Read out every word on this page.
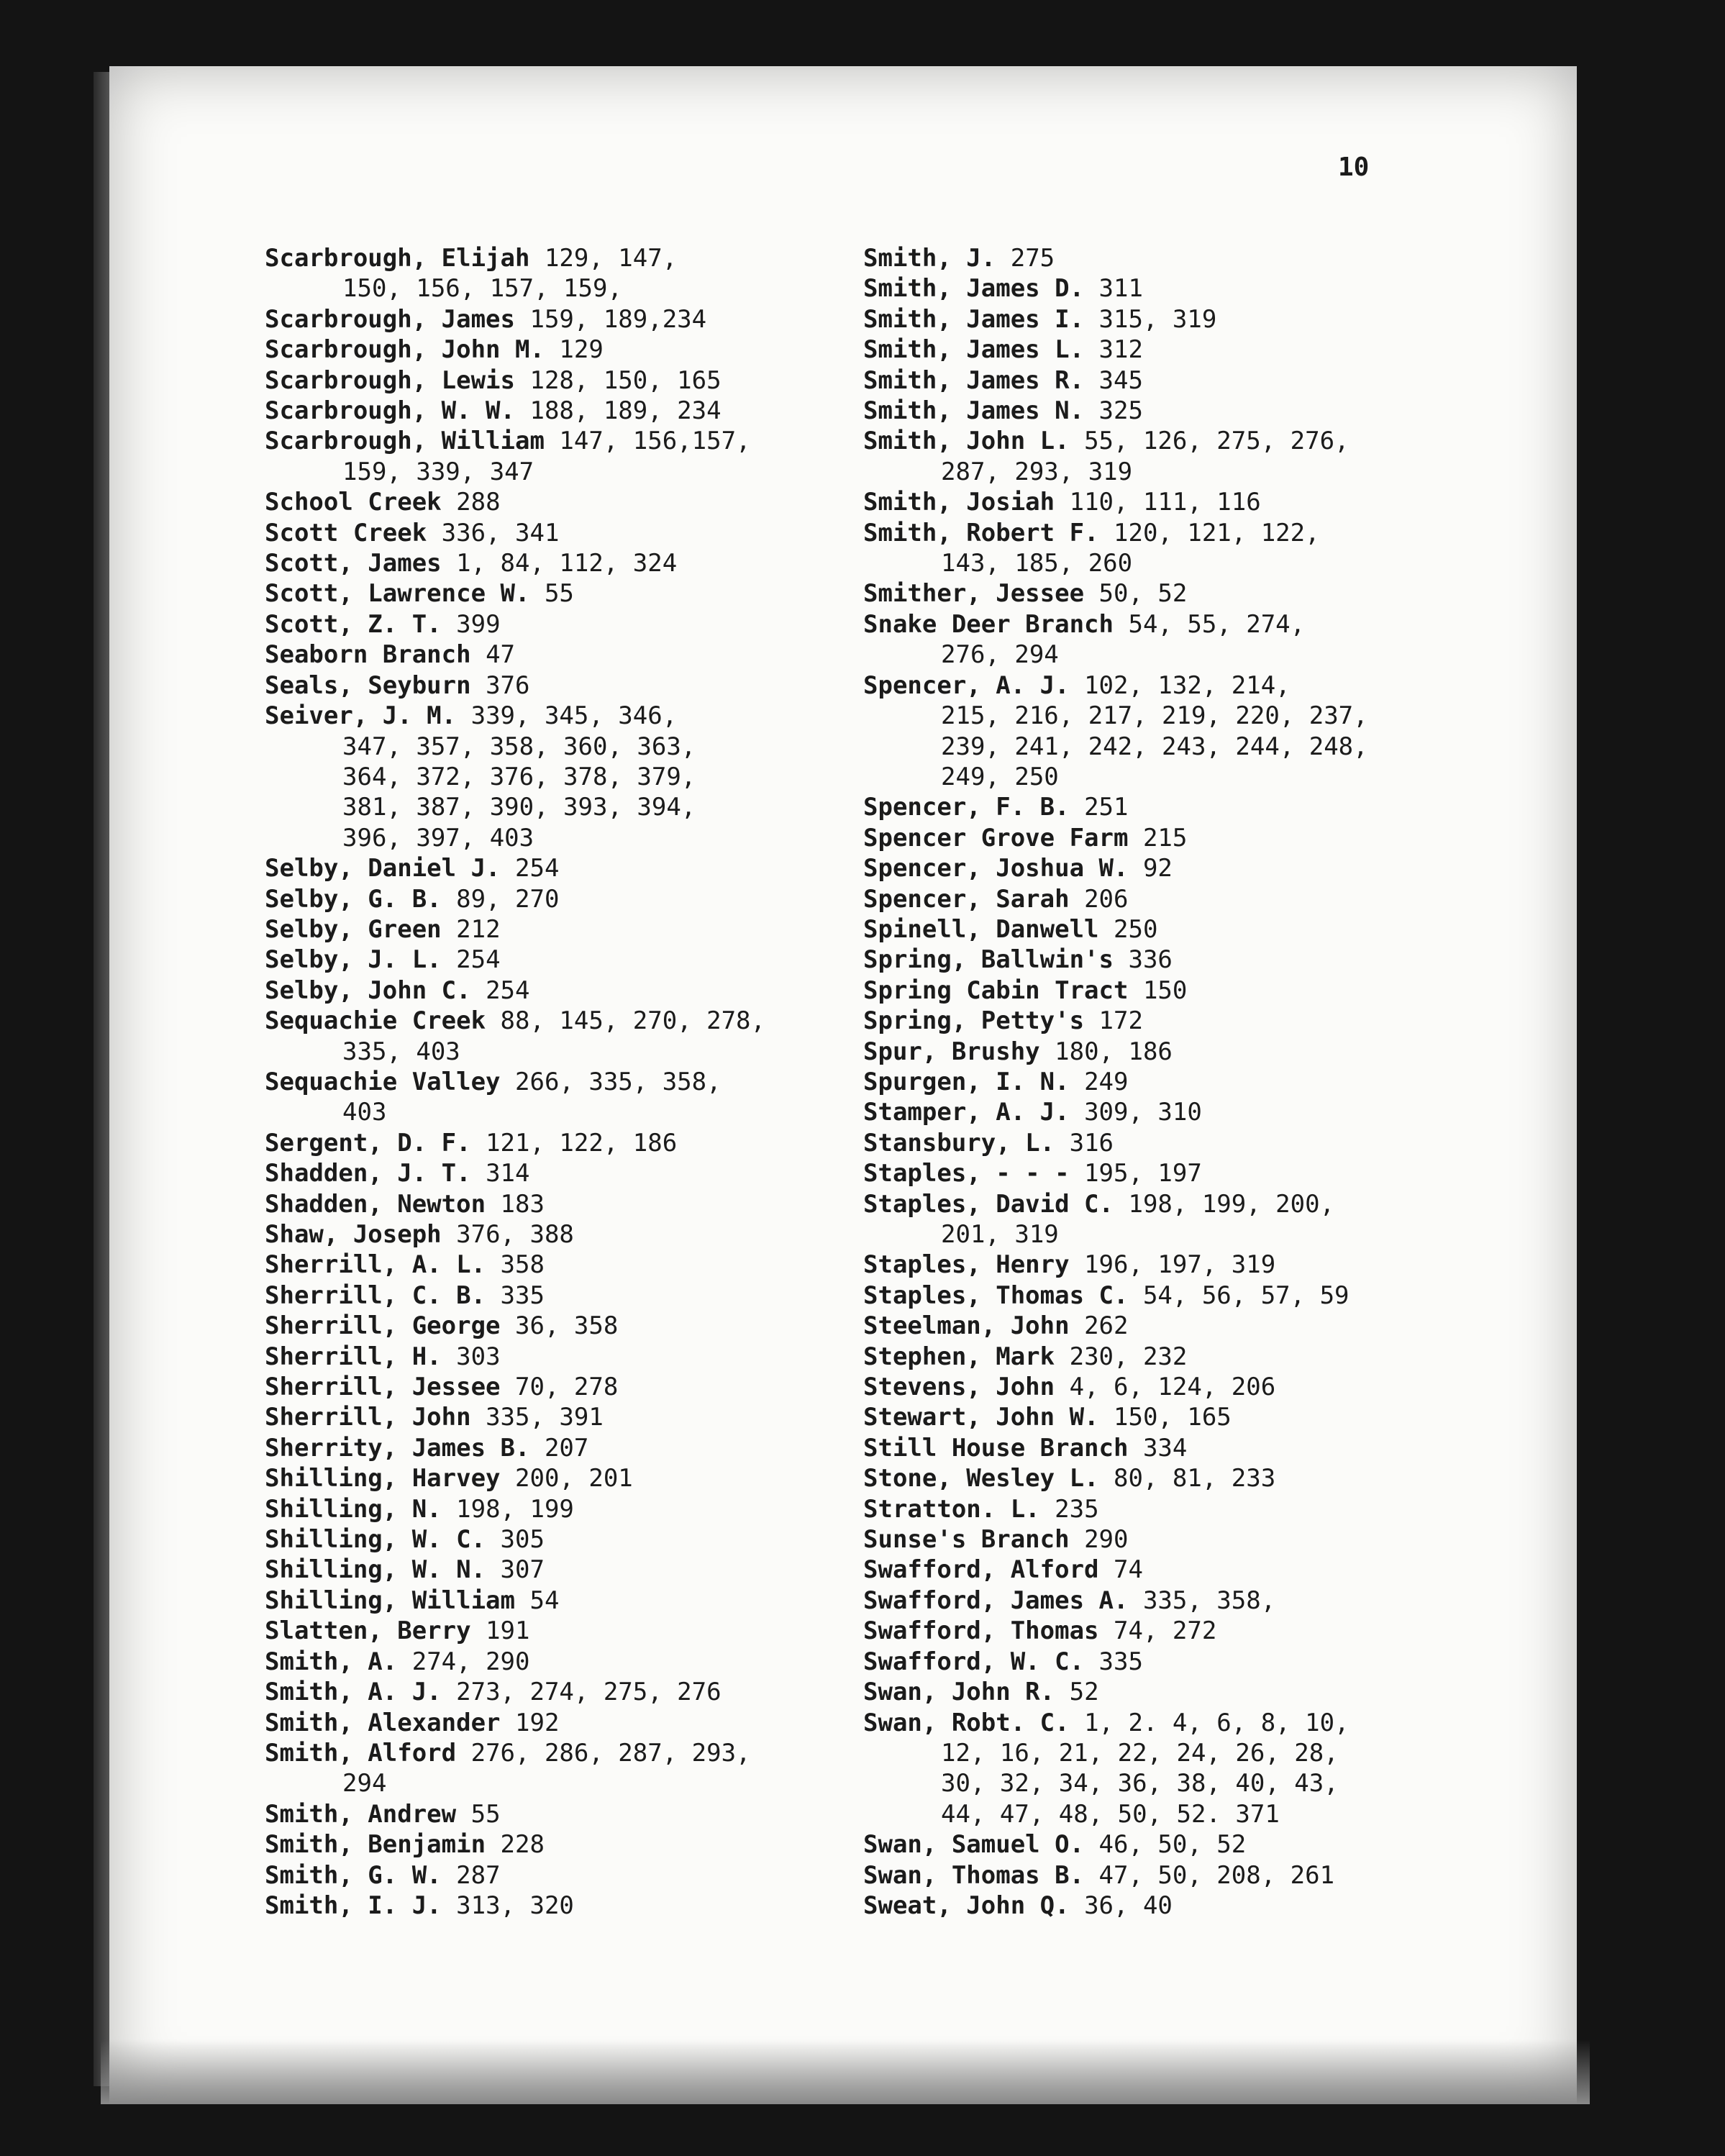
10
Scarbrough, Elijah 129, 147,
150, 156, 157, 159,
Scarbrough, James 159, 189,234
Scarbrough, John M. 129
Scarbrough, Lewis 128, 150, 165
Scarbrough, W. W. 188, 189, 234
Scarbrough, William 147, 156,157,
159, 339, 347
School Creek 288
Scott Creek 336, 341
Scott, James 1, 84, 112, 324
Scott, Lawrence W. 55
Scott, Z. T. 399
Seaborn Branch 47
Seals, Seyburn 376
Seiver, J. M. 339, 345, 346,
347, 357, 358, 360, 363,
364, 372, 376, 378, 379,
381, 387, 390, 393, 394,
396, 397, 403
Selby, Daniel J. 254
Selby, G. B. 89, 270
Selby, Green 212
Selby, J. L. 254
Selby, John C. 254
Sequachie Creek 88, 145, 270, 278,
335, 403
Sequachie Valley 266, 335, 358,
403
Sergent, D. F. 121, 122, 186
Shadden, J. T. 314
Shadden, Newton 183
Shaw, Joseph 376, 388
Sherrill, A. L. 358
Sherrill, C. B. 335
Sherrill, George 36, 358
Sherrill, H. 303
Sherrill, Jessee 70, 278
Sherrill, John 335, 391
Sherrity, James B. 207
Shilling, Harvey 200, 201
Shilling, N. 198, 199
Shilling, W. C. 305
Shilling, W. N. 307
Shilling, William 54
Slatten, Berry 191
Smith, A. 274, 290
Smith, A. J. 273, 274, 275, 276
Smith, Alexander 192
Smith, Alford 276, 286, 287, 293,
294
Smith, Andrew 55
Smith, Benjamin 228
Smith, G. W. 287
Smith, I. J. 313, 320
Smith, J. 275
Smith, James D. 311
Smith, James I. 315, 319
Smith, James L. 312
Smith, James R. 345
Smith, James N. 325
Smith, John L. 55, 126, 275, 276,
287, 293, 319
Smith, Josiah 110, 111, 116
Smith, Robert F. 120, 121, 122,
143, 185, 260
Smither, Jessee 50, 52
Snake Deer Branch 54, 55, 274,
276, 294
Spencer, A. J. 102, 132, 214,
215, 216, 217, 219, 220, 237,
239, 241, 242, 243, 244, 248,
249, 250
Spencer, F. B. 251
Spencer Grove Farm 215
Spencer, Joshua W. 92
Spencer, Sarah 206
Spinell, Danwell 250
Spring, Ballwin's 336
Spring Cabin Tract 150
Spring, Petty's 172
Spur, Brushy 180, 186
Spurgen, I. N. 249
Stamper, A. J. 309, 310
Stansbury, L. 316
Staples, - - - 195, 197
Staples, David C. 198, 199, 200,
201, 319
Staples, Henry 196, 197, 319
Staples, Thomas C. 54, 56, 57, 59
Steelman, John 262
Stephen, Mark 230, 232
Stevens, John 4, 6, 124, 206
Stewart, John W. 150, 165
Still House Branch 334
Stone, Wesley L. 80, 81, 233
Stratton. L. 235
Sunse's Branch 290
Swafford, Alford 74
Swafford, James A. 335, 358,
Swafford, Thomas 74, 272
Swafford, W. C. 335
Swan, John R. 52
Swan, Robt. C. 1, 2. 4, 6, 8, 10,
12, 16, 21, 22, 24, 26, 28,
30, 32, 34, 36, 38, 40, 43,
44, 47, 48, 50, 52. 371
Swan, Samuel O. 46, 50, 52
Swan, Thomas B. 47, 50, 208, 261
Sweat, John Q. 36, 40
